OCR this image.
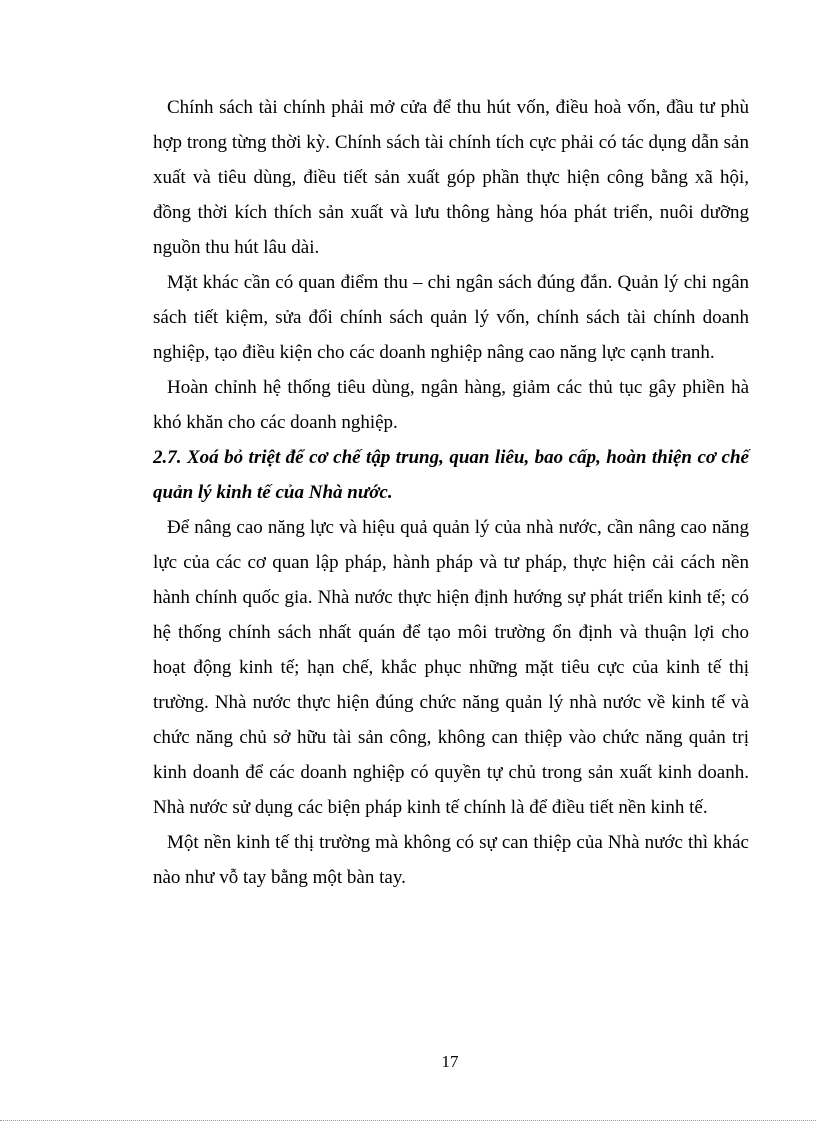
Chính sách tài chính phải mở cửa để thu hút vốn, điều hoà vốn, đầu tư phù hợp trong từng thời kỳ. Chính sách tài chính tích cực phải có tác dụng dẫn sản xuất và tiêu dùng, điều tiết sản xuất góp phần thực hiện công bằng xã hội, đồng thời kích thích sản xuất và lưu thông hàng hóa phát triển, nuôi dưỡng nguồn thu hút lâu dài.

Mặt khác cần có quan điểm thu – chi ngân sách đúng đắn. Quản lý chi ngân sách tiết kiệm, sửa đổi chính sách quản lý vốn, chính sách tài chính doanh nghiệp, tạo điều kiện cho các doanh nghiệp nâng cao năng lực cạnh tranh.

Hoàn chỉnh hệ thống tiêu dùng, ngân hàng, giảm các thủ tục gây phiền hà khó khăn cho các doanh nghiệp.

2.7. Xoá bỏ triệt để cơ chế tập trung, quan liêu, bao cấp, hoàn thiện cơ chế quản lý kinh tế của Nhà nước.

Để nâng cao năng lực và hiệu quả quản lý của nhà nước, cần nâng cao năng lực của các cơ quan lập pháp, hành pháp và tư pháp, thực hiện cải cách nền hành chính quốc gia. Nhà nước thực hiện định hướng sự phát triển kinh tế; có hệ thống chính sách nhất quán để tạo môi trường ổn định và thuận lợi cho hoạt động kinh tế; hạn chế, khắc phục những mặt tiêu cực của kinh tế thị trường. Nhà nước thực hiện đúng chức năng quản lý nhà nước về kinh tế và chức năng chủ sở hữu tài sản công, không can thiệp vào chức năng quản trị kinh doanh để các doanh nghiệp có quyền tự chủ trong sản xuất kinh doanh. Nhà nước sử dụng các biện pháp kinh tế chính là để điều tiết nền kinh tế.

Một nền kinh tế thị trường mà không có sự can thiệp của Nhà nước thì khác nào như vỗ tay bằng một bàn tay.

17
